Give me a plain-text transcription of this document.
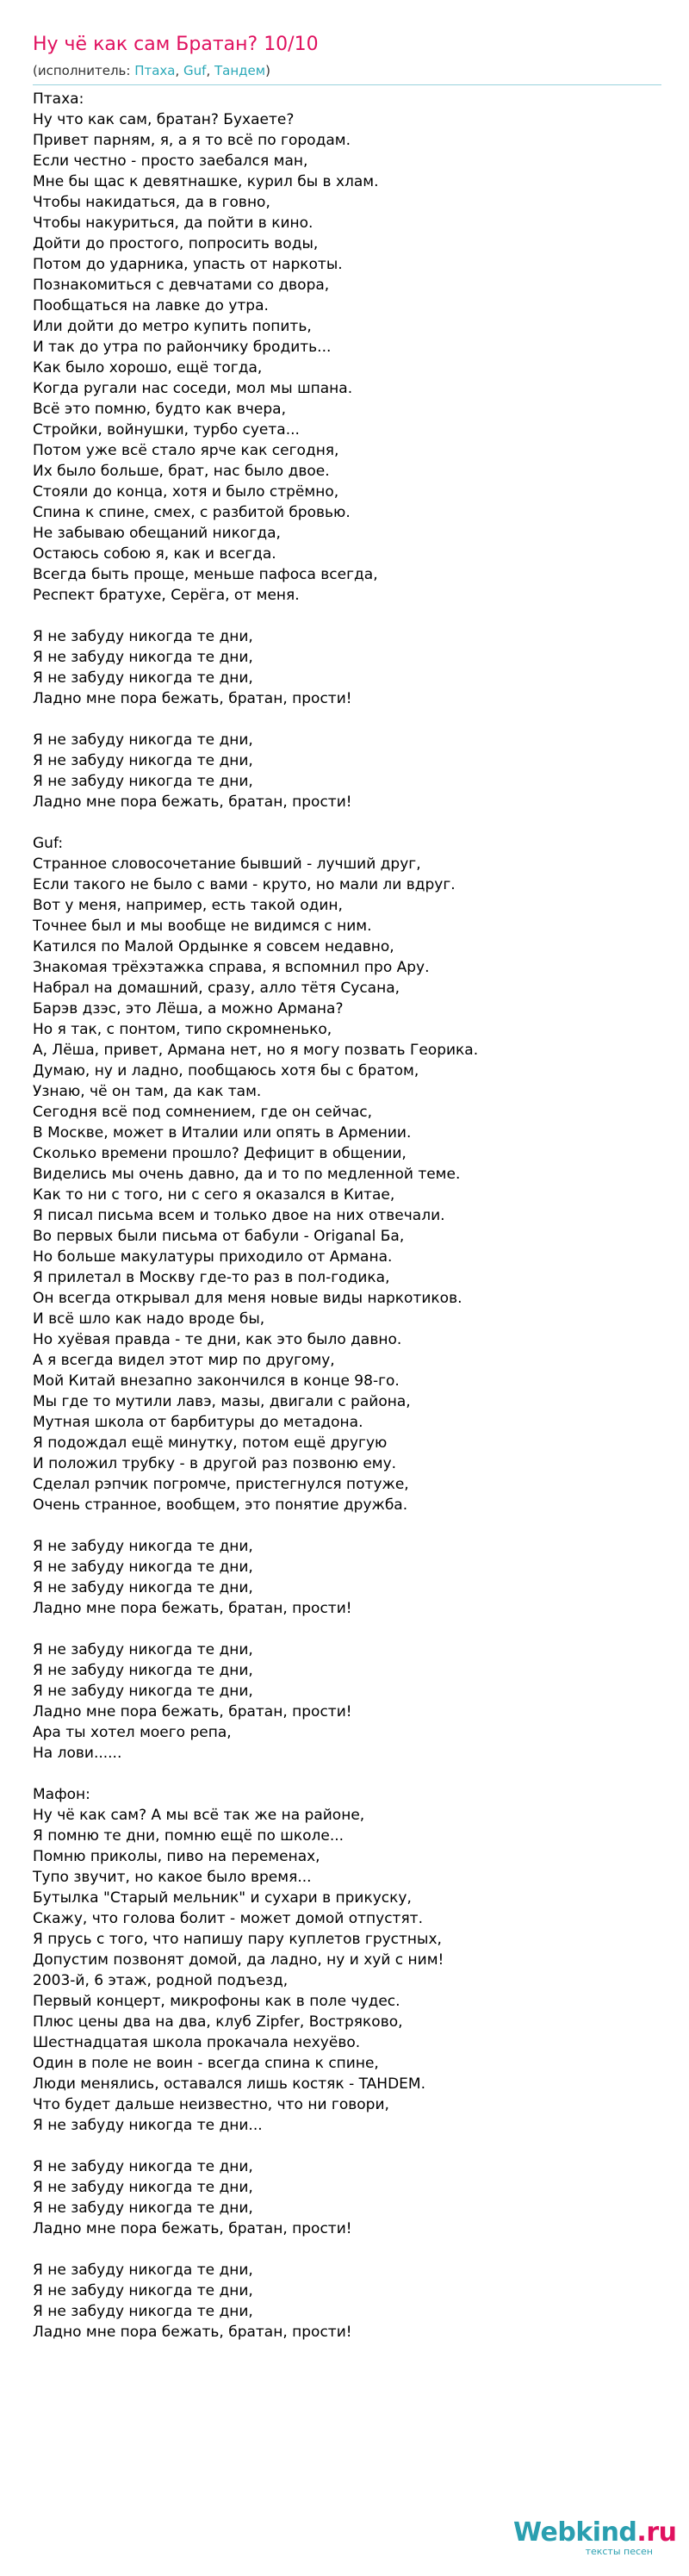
Ну чё как сам Братан? 10/10
(исполнитель: Птаха, Guf, Тандем)
Птаха:
Ну что как сам, братан? Бухаете?
Привет парням, я, а я то всё по городам.
Если честно - просто заебался ман,
Мне бы щас к девятнашке, курил бы в хлам.
Чтобы накидаться, да в говно,
Чтобы накуриться, да пойти в кино.
Дойти до простого, попросить воды,
Потом до ударника, упасть от наркоты.
Познакомиться с девчатами со двора,
Пообщаться на лавке до утра.
Или дойти до метро купить попить,
И так до утра по райончику бродить...
Как было хорошо, ещё тогда,
Когда ругали нас соседи, мол мы шпана.
Всё это помню, будто как вчера,
Стройки, войнушки, турбо суета...
Потом уже всё стало ярче как сегодня,
Их было больше, брат, нас было двое.
Стояли до конца, хотя и было стрёмно,
Спина к спине, смех, с разбитой бровью.
Не забываю обещаний никогда,
Остаюсь собою я, как и всегда.
Всегда быть проще, меньше пафоса всегда,
Респект братухе, Серёга, от меня.
Я не забуду никогда те дни,
Я не забуду никогда те дни,
Я не забуду никогда те дни,
Ладно мне пора бежать, братан, прости!
Я не забуду никогда те дни,
Я не забуду никогда те дни,
Я не забуду никогда те дни,
Ладно мне пора бежать, братан, прости!
Guf:
Странное словосочетание бывший - лучший друг,
Если такого не было с вами - круто, но мали ли вдруг.
Вот у меня, например, есть такой один,
Точнее был и мы вообще не видимся с ним.
Катился по Малой Ордынке я совсем недавно,
Знакомая трёхэтажка справа, я вспомнил про Ару.
Набрал на домашний, сразу, алло тётя Сусана,
Барэв дзэс, это Лёша, а можно Армана?
Но я так, с понтом, типо скромненько,
А, Лёша, привет, Армана нет, но я могу позвать Георика.
Думаю, ну и ладно, пообщаюсь хотя бы с братом,
Узнаю, чё он там, да как там.
Сегодня всё под сомнением, где он сейчас,
В Москве, может в Италии или опять в Армении.
Сколько времени прошло? Дефицит в общении,
Виделись мы очень давно, да и то по медленной теме.
Как то ни с того, ни с сего я оказался в Китае,
Я писал письма всем и только двое на них отвечали.
Во первых были письма от бабули - Origanal Ба,
Но больше макулатуры приходило от Армана.
Я прилетал в Москву где-то раз в пол-годика,
Он всегда открывал для меня новые виды наркотиков.
И всё шло как надо вроде бы,
Но хуёвая правда - те дни, как это было давно.
А я всегда видел этот мир по другому,
Мой Китай внезапно закончился в конце 98-го.
Мы где то мутили лавэ, мазы, двигали с района,
Мутная школа от барбитуры до метадона.
Я подождал ещё минутку, потом ещё другую
И положил трубку - в другой раз позвоню ему.
Сделал рэпчик погромче, пристегнулся потуже,
Очень странное, вообщем, это понятие дружба.
Я не забуду никогда те дни,
Я не забуду никогда те дни,
Я не забуду никогда те дни,
Ладно мне пора бежать, братан, прости!
Я не забуду никогда те дни,
Я не забуду никогда те дни,
Я не забуду никогда те дни,
Ладно мне пора бежать, братан, прости!
Ара ты хотел моего репа,
На лови......
Мафон:
Ну чё как сам? А мы всё так же на районе,
Я помню те дни, помню ещё по школе...
Помню приколы, пиво на переменах,
Тупо звучит, но какое было время...
Бутылка "Старый мельник" и сухари в прикуску,
Скажу, что голова болит - может домой отпустят.
Я прусь с того, что напишу пару куплетов грустных,
Допустим позвонят домой, да ладно, ну и хуй с ним!
2003-й, 6 этаж, родной подъезд,
Первый концерт, микрофоны как в поле чудес.
Плюс цены два на два, клуб Zipfer, Востряково,
Шестнадцатая школа прокачала нехуёво.
Один в поле не воин - всегда спина к спине,
Люди менялись, оставался лишь костяк - TAHDEM.
Что будет дальше неизвестно, что ни говори,
Я не забуду никогда те дни...
Я не забуду никогда те дни,
Я не забуду никогда те дни,
Я не забуду никогда те дни,
Ладно мне пора бежать, братан, прости!
Я не забуду никогда те дни,
Я не забуду никогда те дни,
Я не забуду никогда те дни,
Ладно мне пора бежать, братан, прости!
Webkind.ru
тексты песен
